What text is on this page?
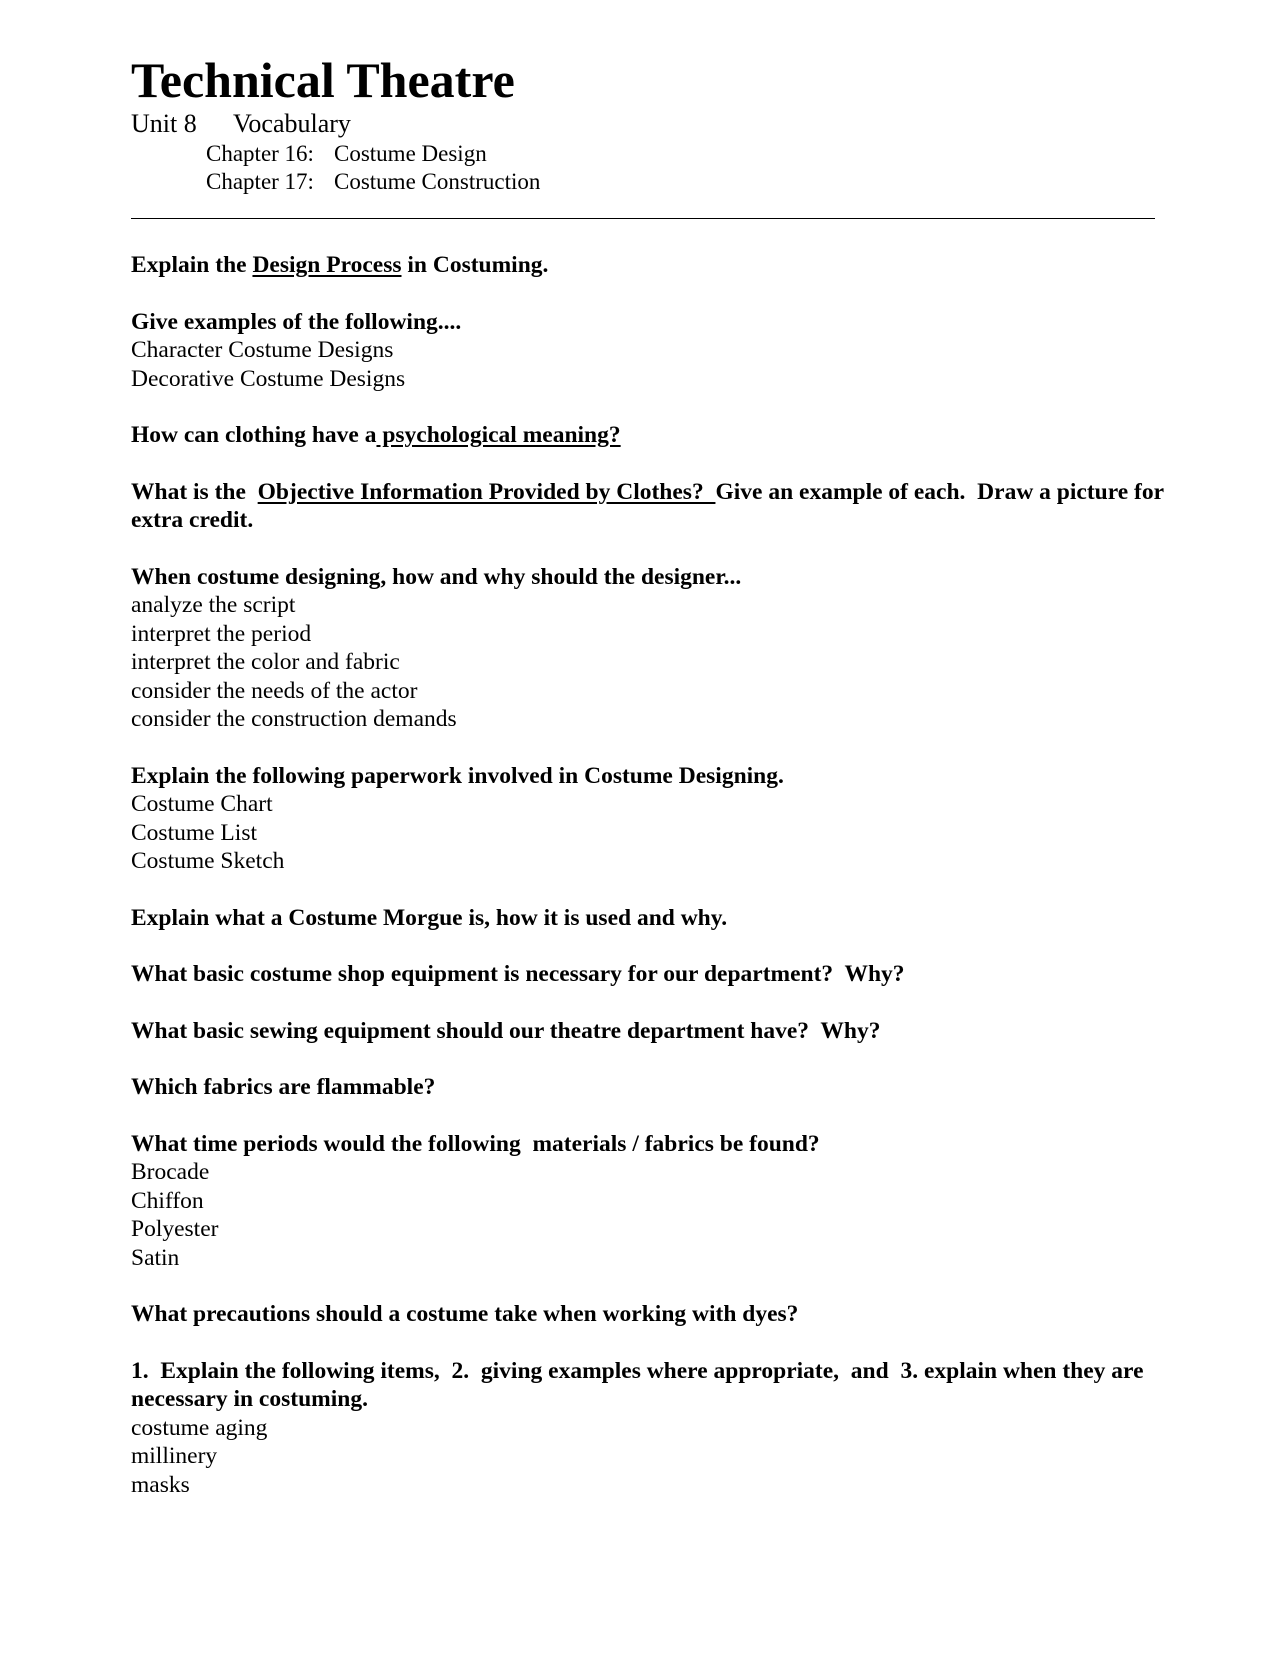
Technical Theatre
Unit 8 Vocabulary
Chapter 16: Costume Design
Chapter 17: Costume Construction
Explain the Design Process in Costuming.
Give examples of the following....
Character Costume Designs
Decorative Costume Designs
How can clothing have a psychological meaning?
What is the  Objective Information Provided by Clothes?  Give an example of each.  Draw a picture for extra credit.
When costume designing, how and why should the designer...
analyze the script
interpret the period
interpret the color and fabric
consider the needs of the actor
consider the construction demands
Explain the following paperwork involved in Costume Designing.
Costume Chart
Costume List
Costume Sketch
Explain what a Costume Morgue is, how it is used and why.
What basic costume shop equipment is necessary for our department?  Why?
What basic sewing equipment should our theatre department have?  Why?
Which fabrics are flammable?
What time periods would the following  materials / fabrics be found?
Brocade
Chiffon
Polyester
Satin
What precautions should a costume take when working with dyes?
1.  Explain the following items,  2.  giving examples where appropriate,  and  3. explain when they are necessary in costuming.
costume aging
millinery
masks
